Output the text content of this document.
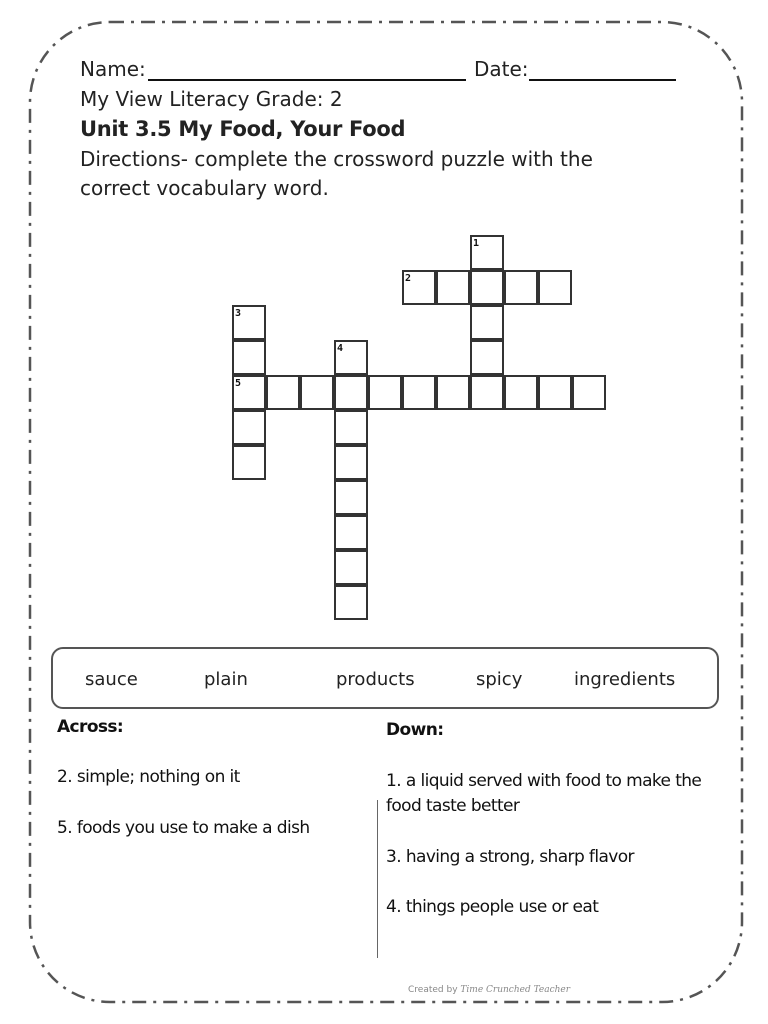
Name:	Date:
My View Literacy Grade: 2
Unit 3.5 My Food, Your Food
Directions- complete the crossword puzzle with the correct vocabulary word.
1
2
3
4
5
sauce	plain	products	spicy	ingredients
Across:
2. simple; nothing on it
5. foods you use to make a dish
Down:
1. a liquid served with food to make the food taste better
3. having a strong, sharp flavor
4. things people use or eat
Created by Time Crunched Teacher
